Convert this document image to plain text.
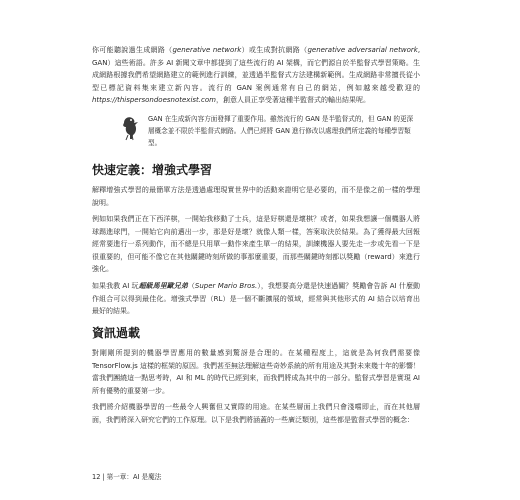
你可能聽說過生成網路（generative network）或生成對抗網路（generative adversarial network, GAN）這些術語。許多 AI 新聞文章中都提到了這些流行的 AI 架構，而它們源自於半監督式學習策略。生成網路根據我們希望網路建立的範例進行訓練，並透過半監督式方法建構新範例。生成網路非常擅長從小型已標記資料集來建立新內容。流行的 GAN 案例通常有自己的網站，例如越來越受歡迎的 https://thispersondoesnotexist.com，創意人員正享受著這種半監督式的輸出結果呢。

GAN 在生成新內容方面發揮了重要作用。雖然流行的 GAN 是半監督式的，但 GAN 的更深層概念並不限於半監督式網路。人們已經將 GAN 進行修改以處理我們所定義的每種學習類型。

快速定義：增強式學習

解釋增強式學習的最簡單方法是透過處理現實世界中的活動來證明它是必要的，而不是像之前一樣的學理說明。

例如如果我們正在下西洋棋，一開始我移動了士兵，這是好棋還是壞棋？或者，如果我想讓一個機器人將球踢進球門，一開始它向前邁出一步，那是好是壞？就像人類一樣，答案取決於結果。為了獲得最大回報經常要進行一系列動作，而不總是只用單一動作來產生單一的結果，訓練機器人要先走一步或先看一下是很重要的，但可能不像它在其他關鍵時刻所做的事那麼重要，而那些關鍵時刻都以獎勵（reward）來進行強化。

如果我教 AI 玩超級馬里歐兄弟（Super Mario Bros.），我想要高分還是快速過關？獎勵會告訴 AI 什麼動作組合可以得到最佳化。增強式學習（RL）是一個不斷擴展的領域，經常與其他形式的 AI 結合以培育出最好的結果。

資訊過載

對剛剛所提到的機器學習應用的數量感到驚訝是合理的。在某種程度上，這就是為何我們需要像 TensorFlow.js 這樣的框架的原因。我們甚至無法理解這些奇妙系統的所有用途及其對未來幾十年的影響！當我們團繞這一點思考時，AI 和 ML 的時代已經到來，而我們將成為其中的一部分。監督式學習是實現 AI 所有優勢的重要第一步。

我們將介紹機器學習的一些最令人興奮但又實際的用途。在某些層面上我們只會淺嚐即止，而在其他層面，我們將深入研究它們的工作原理。以下是我們將涵蓋的一些廣泛類別，這些都是監督式學習的概念：

12 | 第一章：AI 是魔法
